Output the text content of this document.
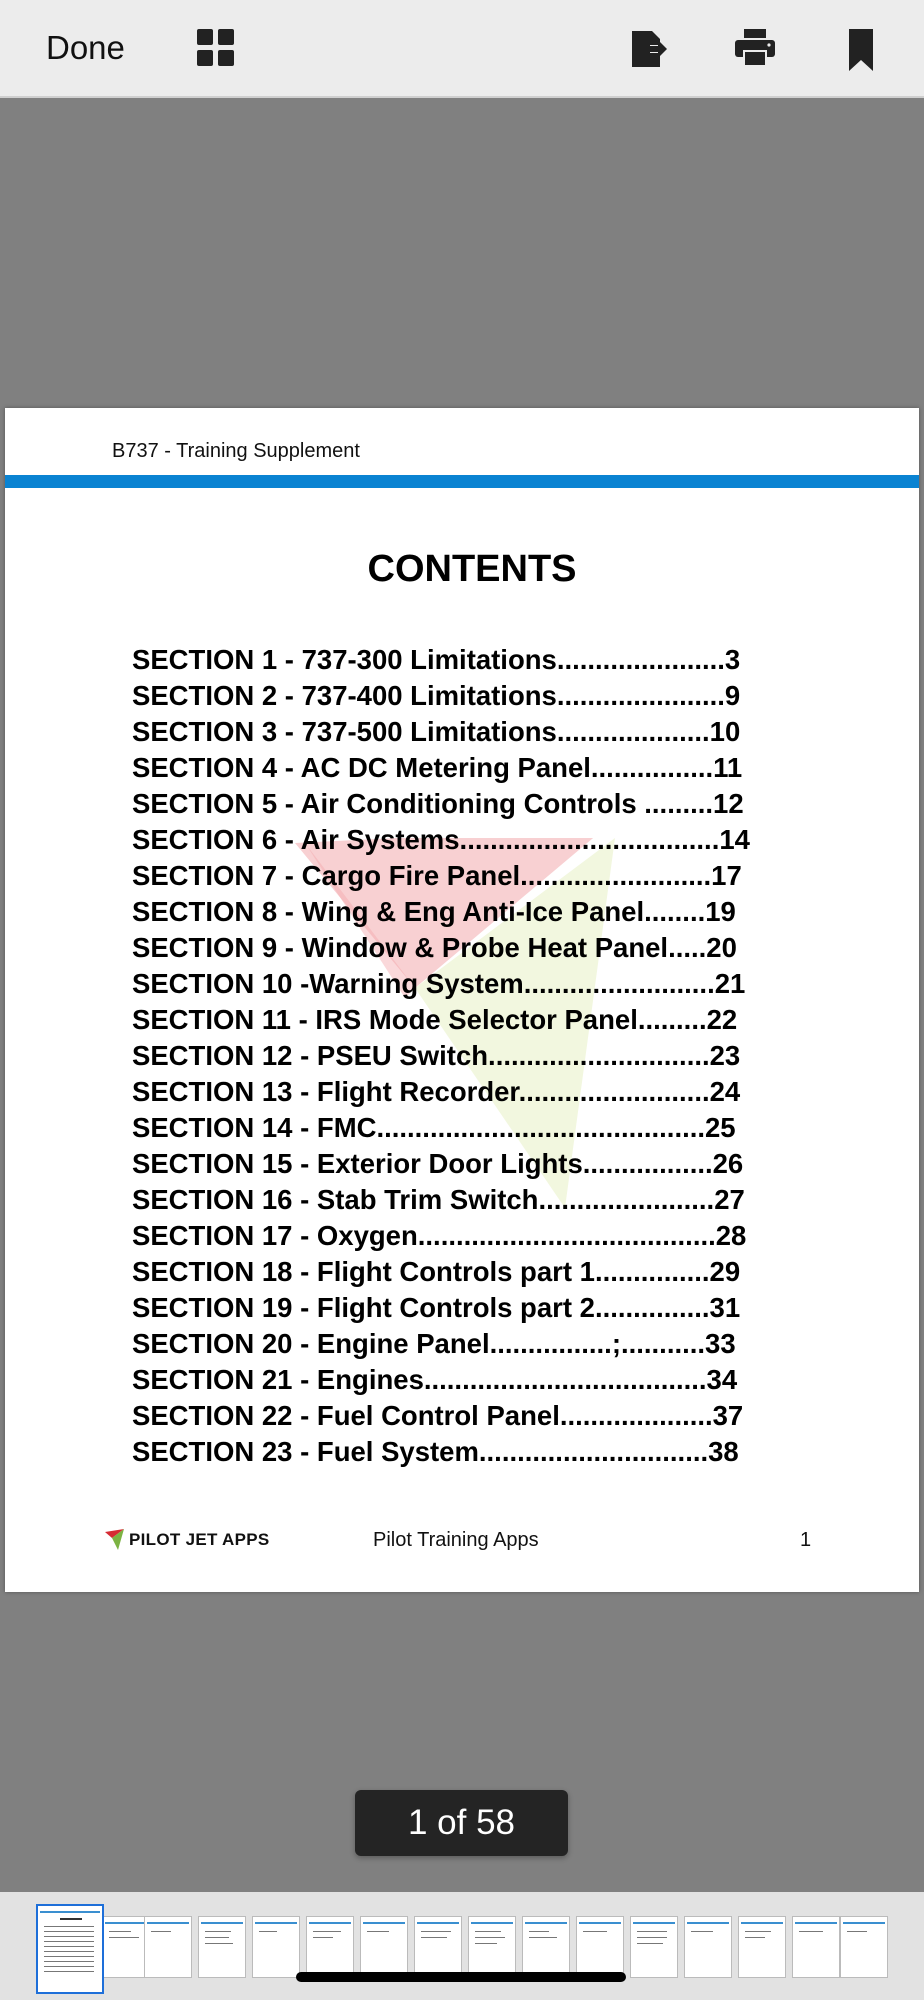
Done
B737 - Training Supplement
CONTENTS
SECTION 1 - 737-300 Limitations......................3
SECTION 2 - 737-400 Limitations......................9
SECTION 3 - 737-500 Limitations....................10
SECTION 4 - AC DC Metering Panel................11
SECTION 5 - Air Conditioning Controls .........12
SECTION 6 - Air Systems..................................14
SECTION 7 - Cargo Fire Panel.........................17
SECTION 8 - Wing & Eng Anti-Ice Panel........19
SECTION 9 - Window & Probe Heat Panel.....20
SECTION 10 -Warning System.........................21
SECTION 11 - IRS Mode Selector Panel.........22
SECTION 12 - PSEU Switch.............................23
SECTION 13 - Flight Recorder.........................24
SECTION 14 - FMC...........................................25
SECTION 15 - Exterior Door Lights.................26
SECTION 16 - Stab Trim Switch.......................27
SECTION 17 - Oxygen.......................................28
SECTION 18 - Flight Controls part 1...............29
SECTION 19 - Flight Controls part 2...............31
SECTION 20 - Engine Panel................;...........33
SECTION 21 - Engines.....................................34
SECTION 22 - Fuel Control Panel....................37
SECTION 23 - Fuel System..............................38
PILOT JET APPS	Pilot Training Apps	1
1 of 58
